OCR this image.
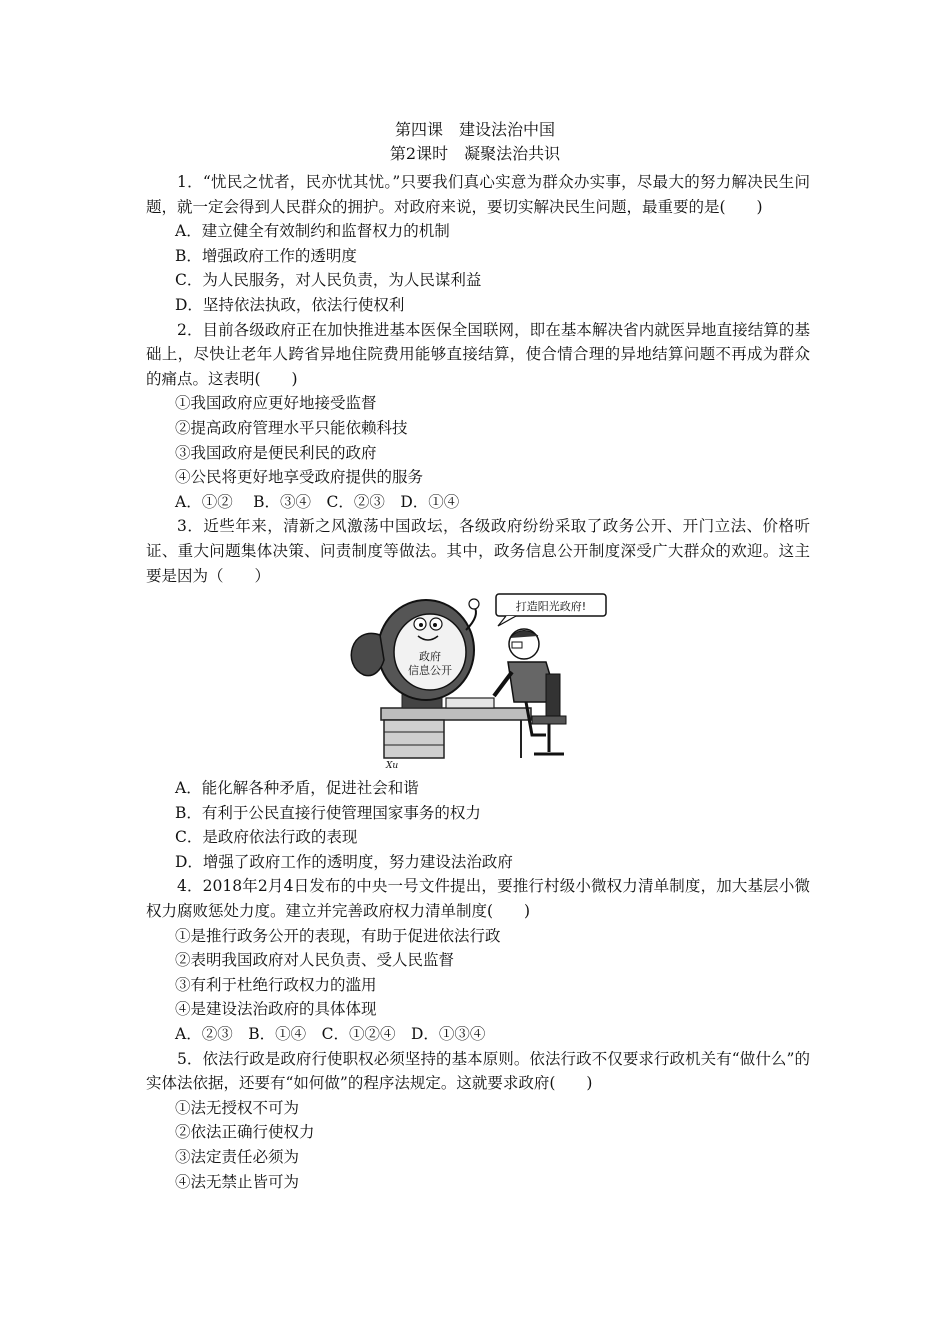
第四课　建设法治中国
第2课时　凝聚法治共识

1．“忧民之忧者，民亦忧其忧。”只要我们真心实意为群众办实事，尽最大的努力解决民生问题，就一定会得到人民群众的拥护。对政府来说，要切实解决民生问题，最重要的是(　　)

A．建立健全有效制约和监督权力的机制

B．增强政府工作的透明度

C．为人民服务，对人民负责，为人民谋利益

D．坚持依法执政，依法行使权利

2．目前各级政府正在加快推进基本医保全国联网，即在基本解决省内就医异地直接结算的基础上，尽快让老年人跨省异地住院费用能够直接结算，使合情合理的异地结算问题不再成为群众的痛点。这表明(　　)

①我国政府应更好地接受监督

②提高政府管理水平只能依赖科技

③我国政府是便民利民的政府

④公民将更好地享受政府提供的服务

A．①②　 B．③④　C．②③　D．①④

3．近些年来，清新之风激荡中国政坛，各级政府纷纷采取了政务公开、开门立法、价格听证、重大问题集体决策、问责制度等做法。其中，政务信息公开制度深受广大群众的欢迎。这主要是因为（　　）

政府
信息公开
打造阳光政府!
Xu

A．能化解各种矛盾，促进社会和谐

B．有利于公民直接行使管理国家事务的权力

C．是政府依法行政的表现

D．增强了政府工作的透明度，努力建设法治政府

4．2018年2月4日发布的中央一号文件提出，要推行村级小微权力清单制度，加大基层小微权力腐败惩处力度。建立并完善政府权力清单制度(　　)

①是推行政务公开的表现，有助于促进依法行政

②表明我国政府对人民负责、受人民监督

③有利于杜绝行政权力的滥用

④是建设法治政府的具体体现

A．②③　B．①④　C．①②④　D．①③④

5．依法行政是政府行使职权必须坚持的基本原则。依法行政不仅要求行政机关有“做什么”的实体法依据，还要有“如何做”的程序法规定。这就要求政府(　　)

①法无授权不可为

②依法正确行使权力

③法定责任必须为

④法无禁止皆可为
